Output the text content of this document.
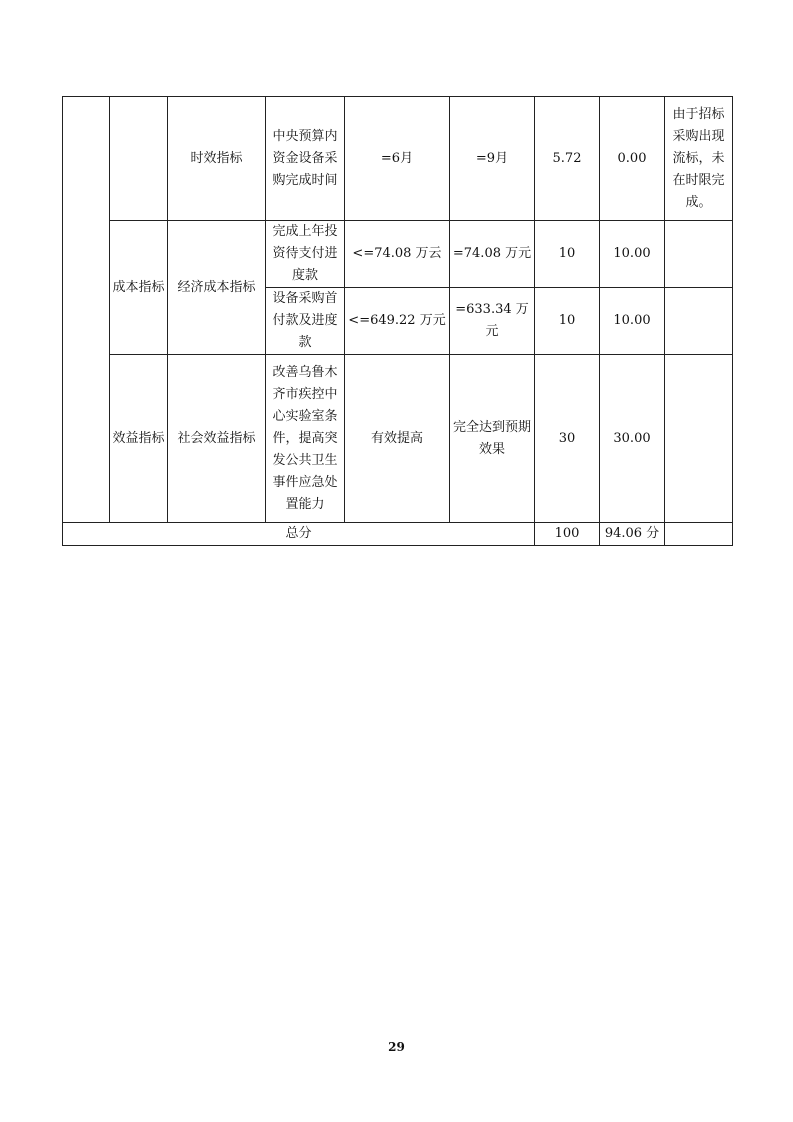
		时效指标	中央预算内资金设备采购完成时间	=6月	=9月	5.72	0.00	由于招标采购出现流标，未在时限完成。
	成本指标	经济成本指标	完成上年投资待支付进度款	<=74.08 万云	=74.08 万元	10	10.00	
			设备采购首付款及进度款	<=649.22 万元	=633.34 万元	10	10.00	
	效益指标	社会效益指标	改善乌鲁木齐市疾控中心实验室条件，提高突发公共卫生事件应急处置能力	有效提高	完全达到预期效果	30	30.00	
总分						100	94.06 分	
29
